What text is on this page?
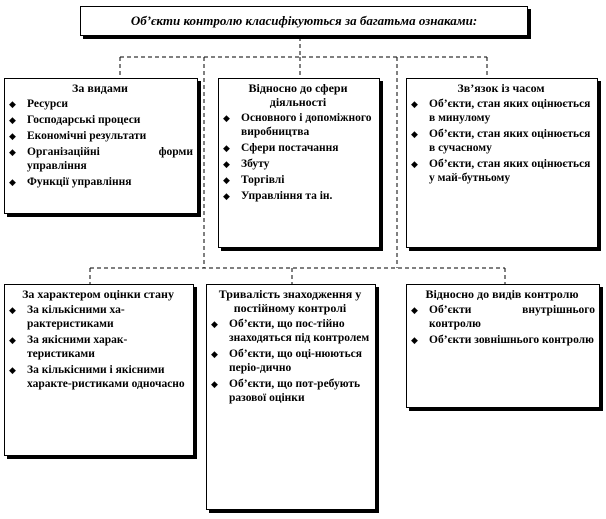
Об’єкти контролю класифікуються за багатьма ознаками:
За видами
◆ Ресурси
◆ Господарські процеси
◆ Економічні результати
◆ Організаційні форми управління
◆ Функції управління
Відносно до сфери діяльності
◆ Основного і допоміжного виробництва
◆ Сфери постачання
◆ Збуту
◆ Торгівлі
◆ Управління та ін.
Зв’язок із часом
◆ Об’єкти, стан яких оцінюється в минулому
◆ Об’єкти, стан яких оцінюється в сучасному
◆ Об’єкти, стан яких оцінюється у май-бутньому
За характером оцінки стану
◆ За кількісними ха-рактеристиками
◆ За якісними харак-теристиками
◆ За кількісними і якісними характе-ристиками одночасно
Тривалість знаходження у постійному контролі
◆ Об’єкти, що пос-тійно знаходяться під контролем
◆ Об’єкти, що оці-нюються перiо-дично
◆ Об’єкти, що пот-ребують разової оцінки
Відносно до видів контролю
◆ Об’єкти внутрішнього контролю
◆ Об’єкти зовнішнього контролю
